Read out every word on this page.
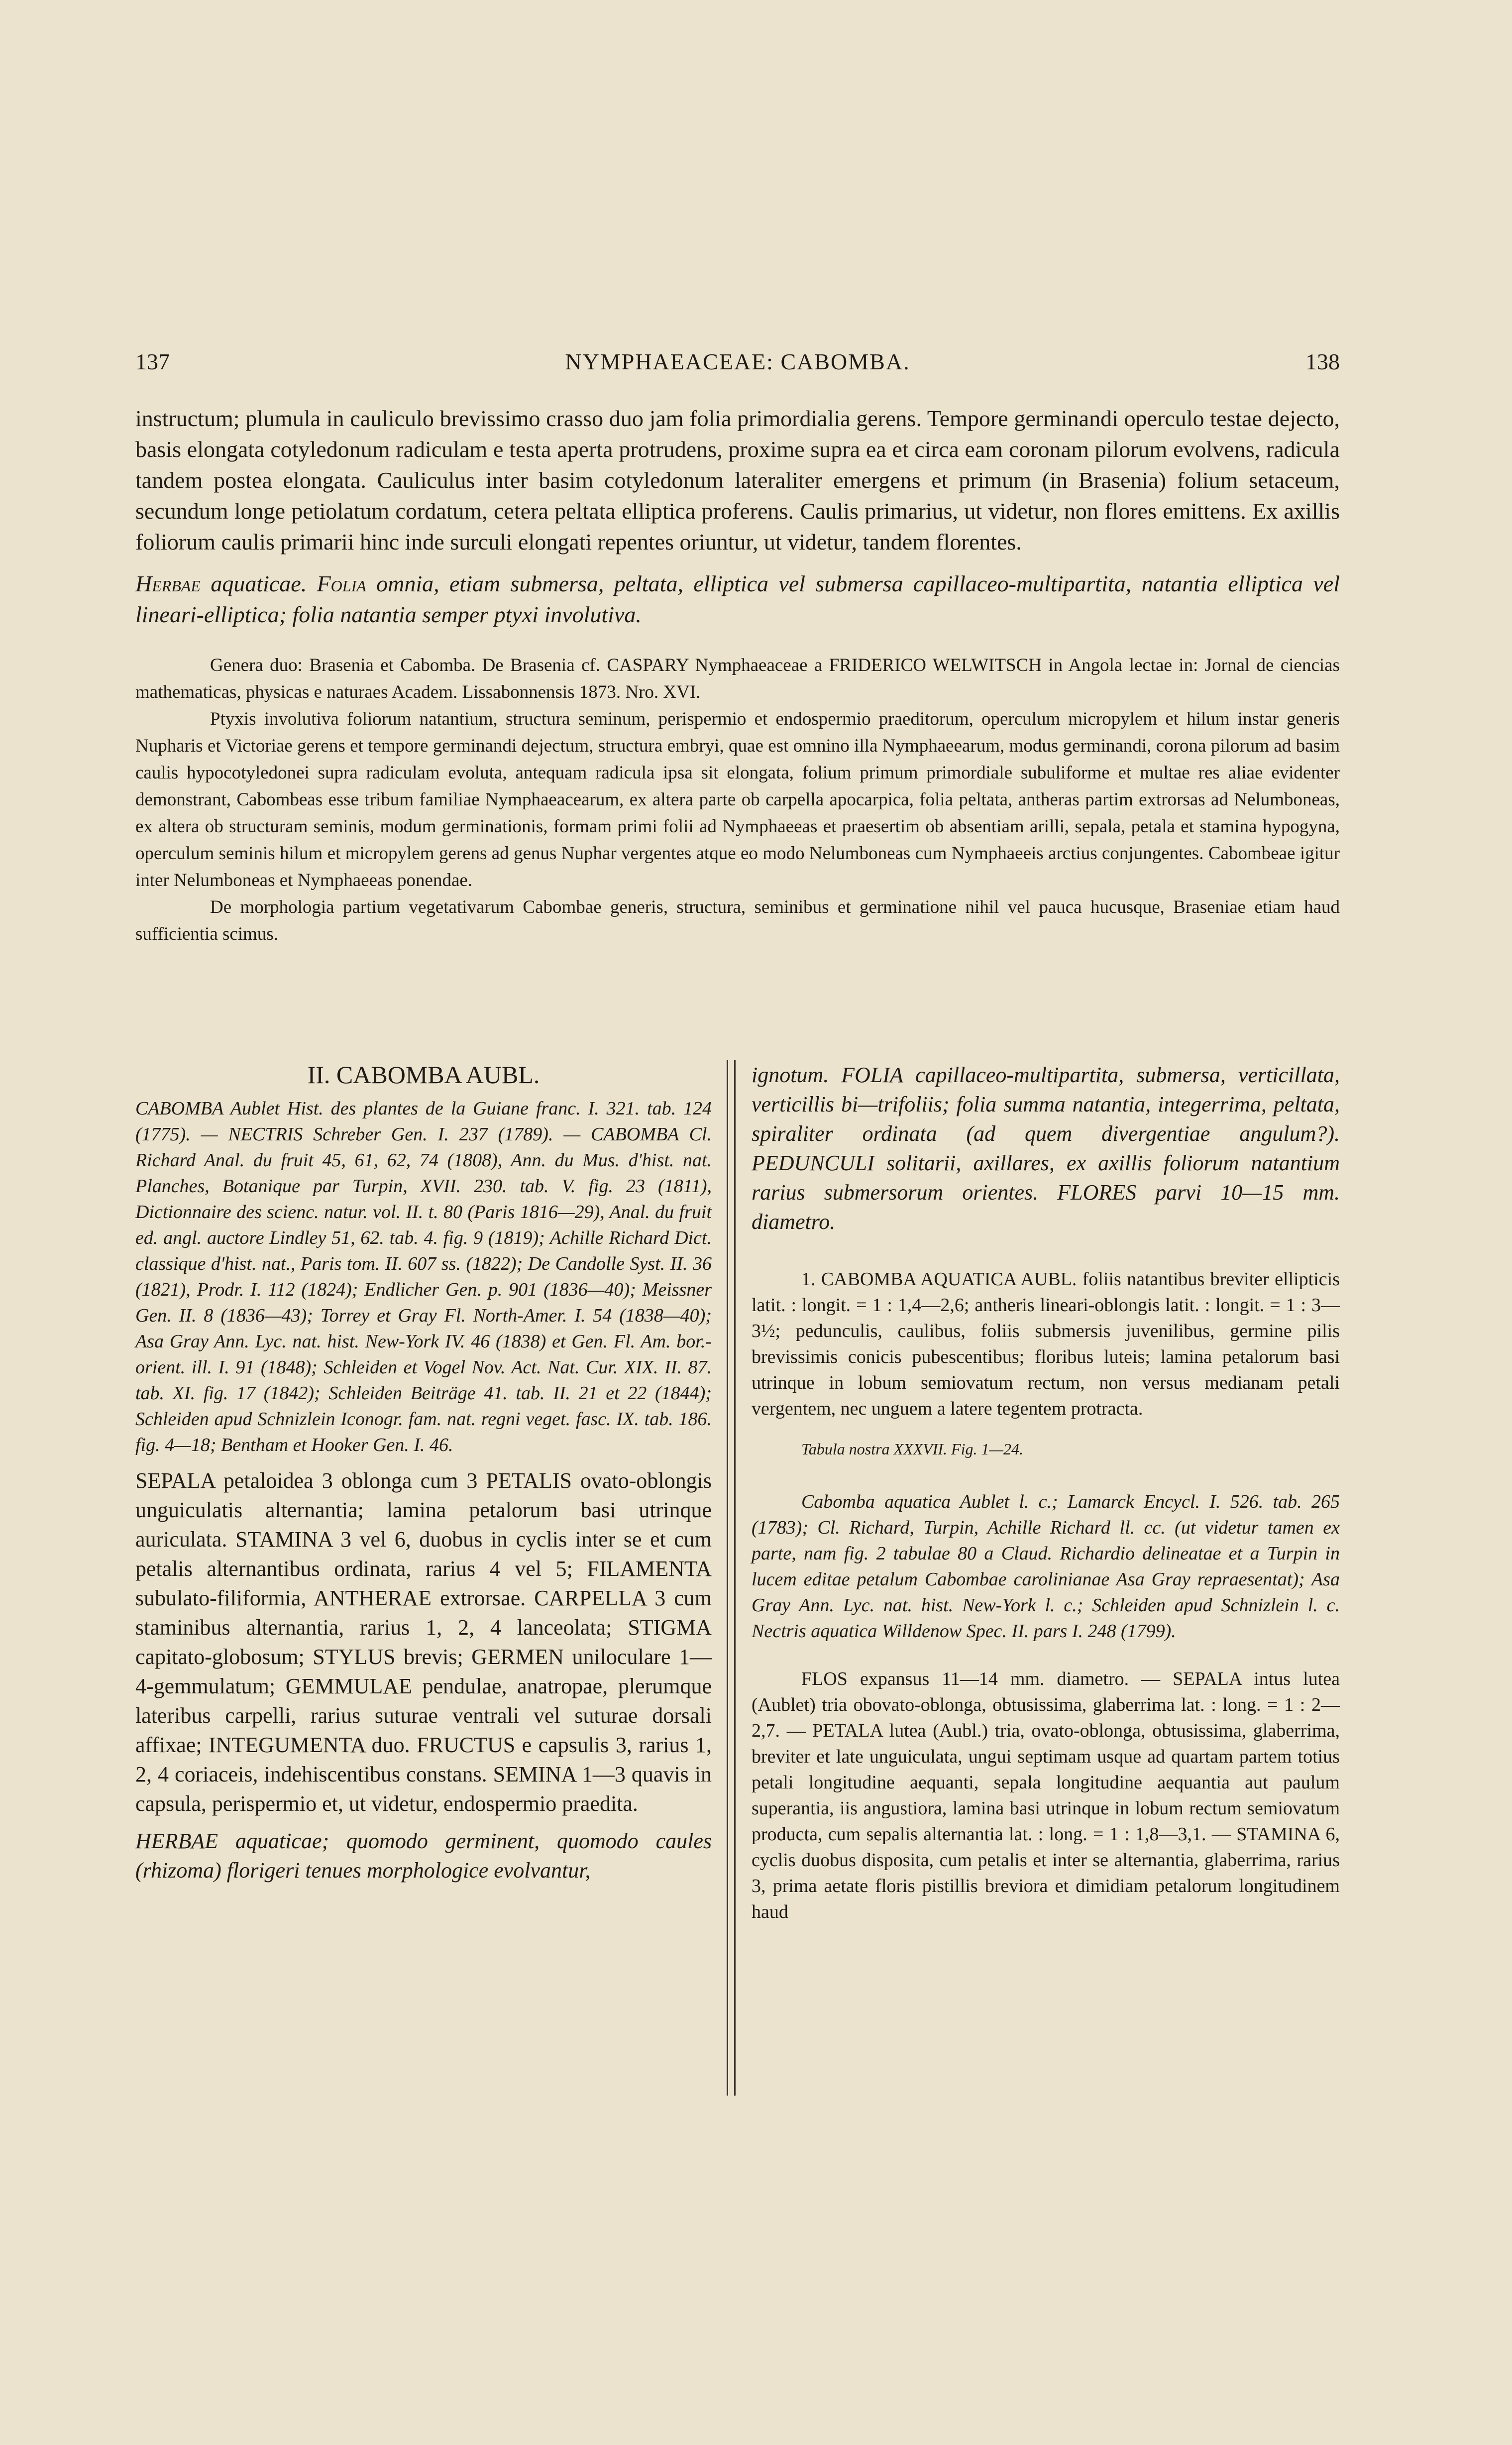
137	NYMPHAEACEAE: CABOMBA.	138

instructum; plumula in cauliculo brevissimo crasso duo jam folia primordialia gerens. Tempore germinandi operculo testae dejecto, basis elongata cotyledonum radiculam e testa aperta protrudens, proxime supra ea et circa eam coronam pilorum evolvens, radicula tandem postea elongata. Cauliculus inter basim cotyledonum lateraliter emergens et primum (in Brasenia) folium setaceum, secundum longe petiolatum cordatum, cetera peltata elliptica proferens. Caulis primarius, ut videtur, non flores emittens. Ex axillis foliorum caulis primarii hinc inde surculi elongati repentes oriuntur, ut videtur, tandem florentes.

Herbae aquaticae. Folia omnia, etiam submersa, peltata, elliptica vel submersa capillaceo-multipartita, natantia elliptica vel lineari-elliptica; folia natantia semper ptyxi involutiva.

Genera duo: Brasenia et Cabomba. De Brasenia cf. CASPARY Nymphaeaceae a FRIDERICO WELWITSCH in Angola lectae in: Jornal de ciencias mathematicas, physicas e naturaes Academ. Lissabonnensis 1873. Nro. XVI.

Ptyxis involutiva foliorum natantium, structura seminum, perispermio et endospermio praeditorum, operculum micropylem et hilum instar generis Nupharis et Victoriae gerens et tempore germinandi dejectum, structura embryi, quae est omnino illa Nymphaeearum, modus germinandi, corona pilorum ad basim caulis hypocotyledonei supra radiculam evoluta, antequam radicula ipsa sit elongata, folium primum primordiale subuliforme et multae res aliae evidenter demonstrant, Cabombeas esse tribum familiae Nymphaeacearum, ex altera parte ob carpella apocarpica, folia peltata, antheras partim extrorsas ad Nelumboneas, ex altera ob structuram seminis, modum germinationis, formam primi folii ad Nymphaeeas et praesertim ob absentiam arilli, sepala, petala et stamina hypogyna, operculum seminis hilum et micropylem gerens ad genus Nuphar vergentes atque eo modo Nelumboneas cum Nymphaeeis arctius conjungentes. Cabombeae igitur inter Nelumboneas et Nymphaeeas ponendae.

De morphologia partium vegetativarum Cabombae generis, structura, seminibus et germinatione nihil vel pauca hucusque, Braseniae etiam haud sufficientia scimus.

II. CABOMBA AUBL.

CABOMBA Aublet Hist. des plantes de la Guiane franc. I. 321. tab. 124 (1775). — NECTRIS Schreber Gen. I. 237 (1789). — CABOMBA Cl. Richard Anal. du fruit 45, 61, 62, 74 (1808), Ann. du Mus. d'hist. nat. Planches, Botanique par Turpin, XVII. 230. tab. V. fig. 23 (1811), Dictionnaire des scienc. natur. vol. II. t. 80 (Paris 1816—29), Anal. du fruit ed. angl. auctore Lindley 51, 62. tab. 4. fig. 9 (1819); Achille Richard Dict. classique d'hist. nat., Paris tom. II. 607 ss. (1822); De Candolle Syst. II. 36 (1821), Prodr. I. 112 (1824); Endlicher Gen. p. 901 (1836—40); Meissner Gen. II. 8 (1836—43); Torrey et Gray Fl. North-Amer. I. 54 (1838—40); Asa Gray Ann. Lyc. nat. hist. New-York IV. 46 (1838) et Gen. Fl. Am. bor.-orient. ill. I. 91 (1848); Schleiden et Vogel Nov. Act. Nat. Cur. XIX. II. 87. tab. XI. fig. 17 (1842); Schleiden Beiträge 41. tab. II. 21 et 22 (1844); Schleiden apud Schnizlein Iconogr. fam. nat. regni veget. fasc. IX. tab. 186. fig. 4—18; Bentham et Hooker Gen. I. 46.

SEPALA petaloidea 3 oblonga cum 3 PETALIS ovato-oblongis unguiculatis alternantia; lamina petalorum basi utrinque auriculata. STAMINA 3 vel 6, duobus in cyclis inter se et cum petalis alternantibus ordinata, rarius 4 vel 5; FILAMENTA subulato-filiformia, ANTHERAE extrorsae. CARPELLA 3 cum staminibus alternantia, rarius 1, 2, 4 lanceolata; STIGMA capitato-globosum; STYLUS brevis; GERMEN uniloculare 1—4-gemmulatum; GEMMULAE pendulae, anatropae, plerumque lateribus carpelli, rarius suturae ventrali vel suturae dorsali affixae; INTEGUMENTA duo. FRUCTUS e capsulis 3, rarius 1, 2, 4 coriaceis, indehiscentibus constans. SEMINA 1—3 quavis in capsula, perispermio et, ut videtur, endospermio praedita.

HERBAE aquaticae; quomodo germinent, quomodo caules (rhizoma) florigeri tenues morphologice evolvantur,

ignotum. FOLIA capillaceo-multipartita, submersa, verticillata, verticillis bi—trifoliis; folia summa natantia, integerrima, peltata, spiraliter ordinata (ad quem divergentiae angulum?). PEDUNCULI solitarii, axillares, ex axillis foliorum natantium rarius submersorum orientes. FLORES parvi 10—15 mm. diametro.

1. CABOMBA AQUATICA AUBL. foliis natantibus breviter ellipticis latit. : longit. = 1 : 1,4—2,6; antheris lineari-oblongis latit. : longit. = 1 : 3—3½; pedunculis, caulibus, foliis submersis juvenilibus, germine pilis brevissimis conicis pubescentibus; floribus luteis; lamina petalorum basi utrinque in lobum semiovatum rectum, non versus medianam petali vergentem, nec unguem a latere tegentem protracta.

Tabula nostra XXXVII. Fig. 1—24.

Cabomba aquatica Aublet l. c.; Lamarck Encycl. I. 526. tab. 265 (1783); Cl. Richard, Turpin, Achille Richard ll. cc. (ut videtur tamen ex parte, nam fig. 2 tabulae 80 a Claud. Richardio delineatae et a Turpin in lucem editae petalum Cabombae carolinianae Asa Gray repraesentat); Asa Gray Ann. Lyc. nat. hist. New-York l. c.; Schleiden apud Schnizlein l. c. Nectris aquatica Willdenow Spec. II. pars I. 248 (1799).

FLOS expansus 11—14 mm. diametro. — SEPALA intus lutea (Aublet) tria obovato-oblonga, obtusissima, glaberrima lat. : long. = 1 : 2—2,7. — PETALA lutea (Aubl.) tria, ovato-oblonga, obtusissima, glaberrima, breviter et late unguiculata, ungui septimam usque ad quartam partem totius petali longitudine aequanti, sepala longitudine aequantia aut paulum superantia, iis angustiora, lamina basi utrinque in lobum rectum semiovatum producta, cum sepalis alternantia lat. : long. = 1 : 1,8—3,1. — STAMINA 6, cyclis duobus disposita, cum petalis et inter se alternantia, glaberrima, rarius 3, prima aetate floris pistillis breviora et dimidiam petalorum longitudinem haud
